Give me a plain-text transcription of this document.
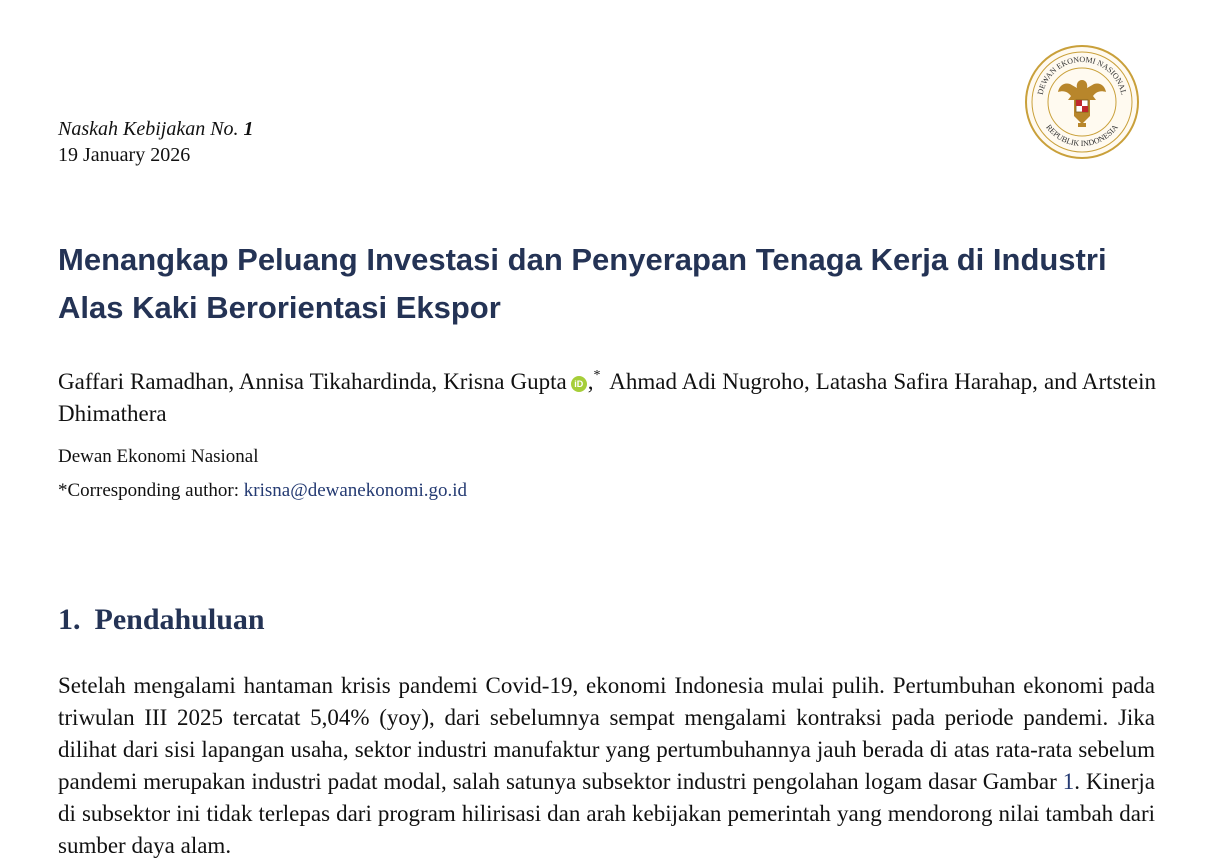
Naskah Kebijakan No. 1
19 January 2026
DEWAN EKONOMI NASIONAL
REPUBLIK INDONESIA
Menangkap Peluang Investasi dan Penyerapan Tenaga Kerja di Industri Alas Kaki Berorientasi Ekspor
Gaffari Ramadhan, Annisa Tikahardinda, Krisna Gupta iD ,* Ahmad Adi Nugroho, Latasha Safira Harahap, and Artstein Dhimathera
Dewan Ekonomi Nasional
*Corresponding author: krisna@dewanekonomi.go.id
1. Pendahuluan

Setelah mengalami hantaman krisis pandemi Covid-19, ekonomi Indonesia mulai pulih. Pertumbuhan ekonomi pada triwulan III 2025 tercatat 5,04% (yoy), dari sebelumnya sempat mengalami kontraksi pada periode pandemi. Jika dilihat dari sisi lapangan usaha, sektor industri manufaktur yang pertumbuhannya jauh berada di atas rata-rata sebelum pandemi merupakan industri padat modal, salah satunya subsektor industri pengolahan logam dasar Gambar 1. Kinerja di subsektor ini tidak terlepas dari program hilirisasi dan arah kebijakan pemerintah yang mendorong nilai tambah dari sumber daya alam.
